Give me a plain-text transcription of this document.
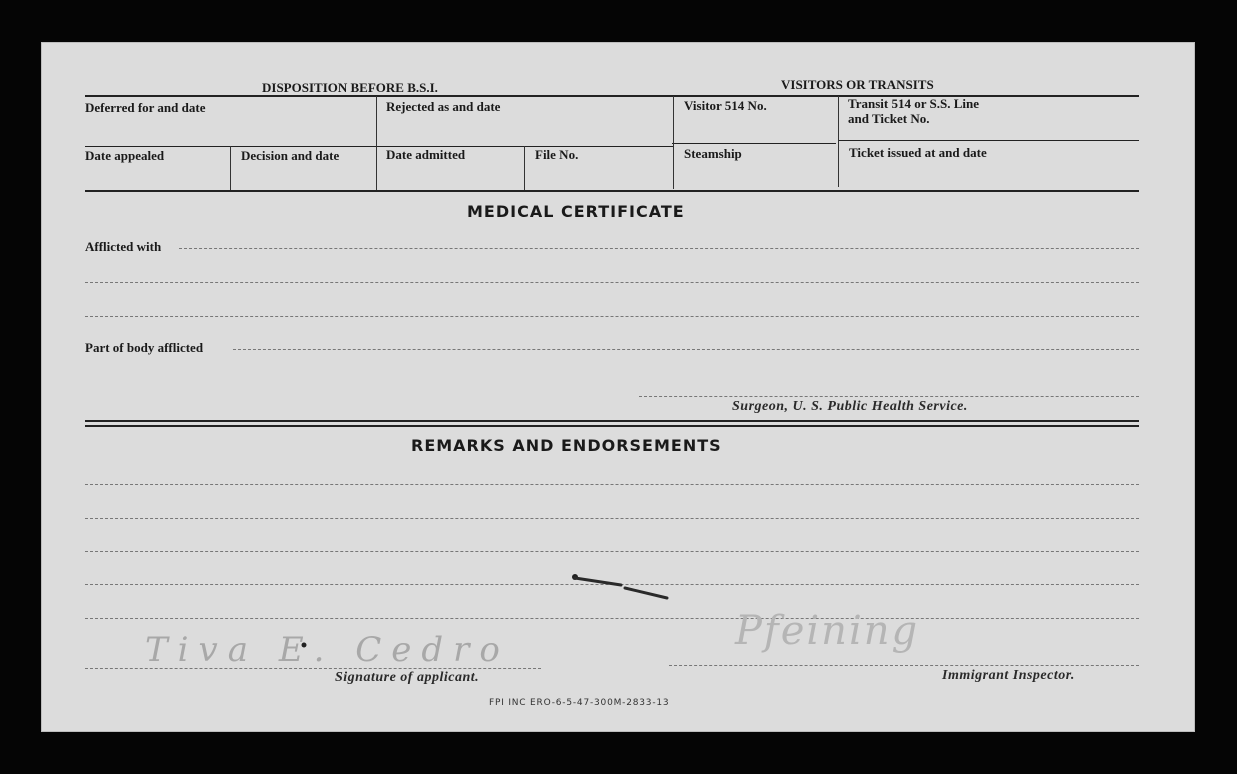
DISPOSITION BEFORE B.S.I.	VISITORS OR TRANSITS
Deferred for and date	Rejected as and date	Visitor 514 No.	Transit 514 or S.S. Line
and Ticket No.
Date appealed	Decision and date	Date admitted	File No.	Steamship	Ticket issued at and date
MEDICAL CERTIFICATE
Afflicted with
Part of body afflicted
Surgeon, U. S. Public Health Service.
REMARKS AND ENDORSEMENTS
Tiva E. Cedro	Pfeining
Signature of applicant.	Immigrant Inspector.
FPI INC ERO-6-5-47-300M-2833-13
